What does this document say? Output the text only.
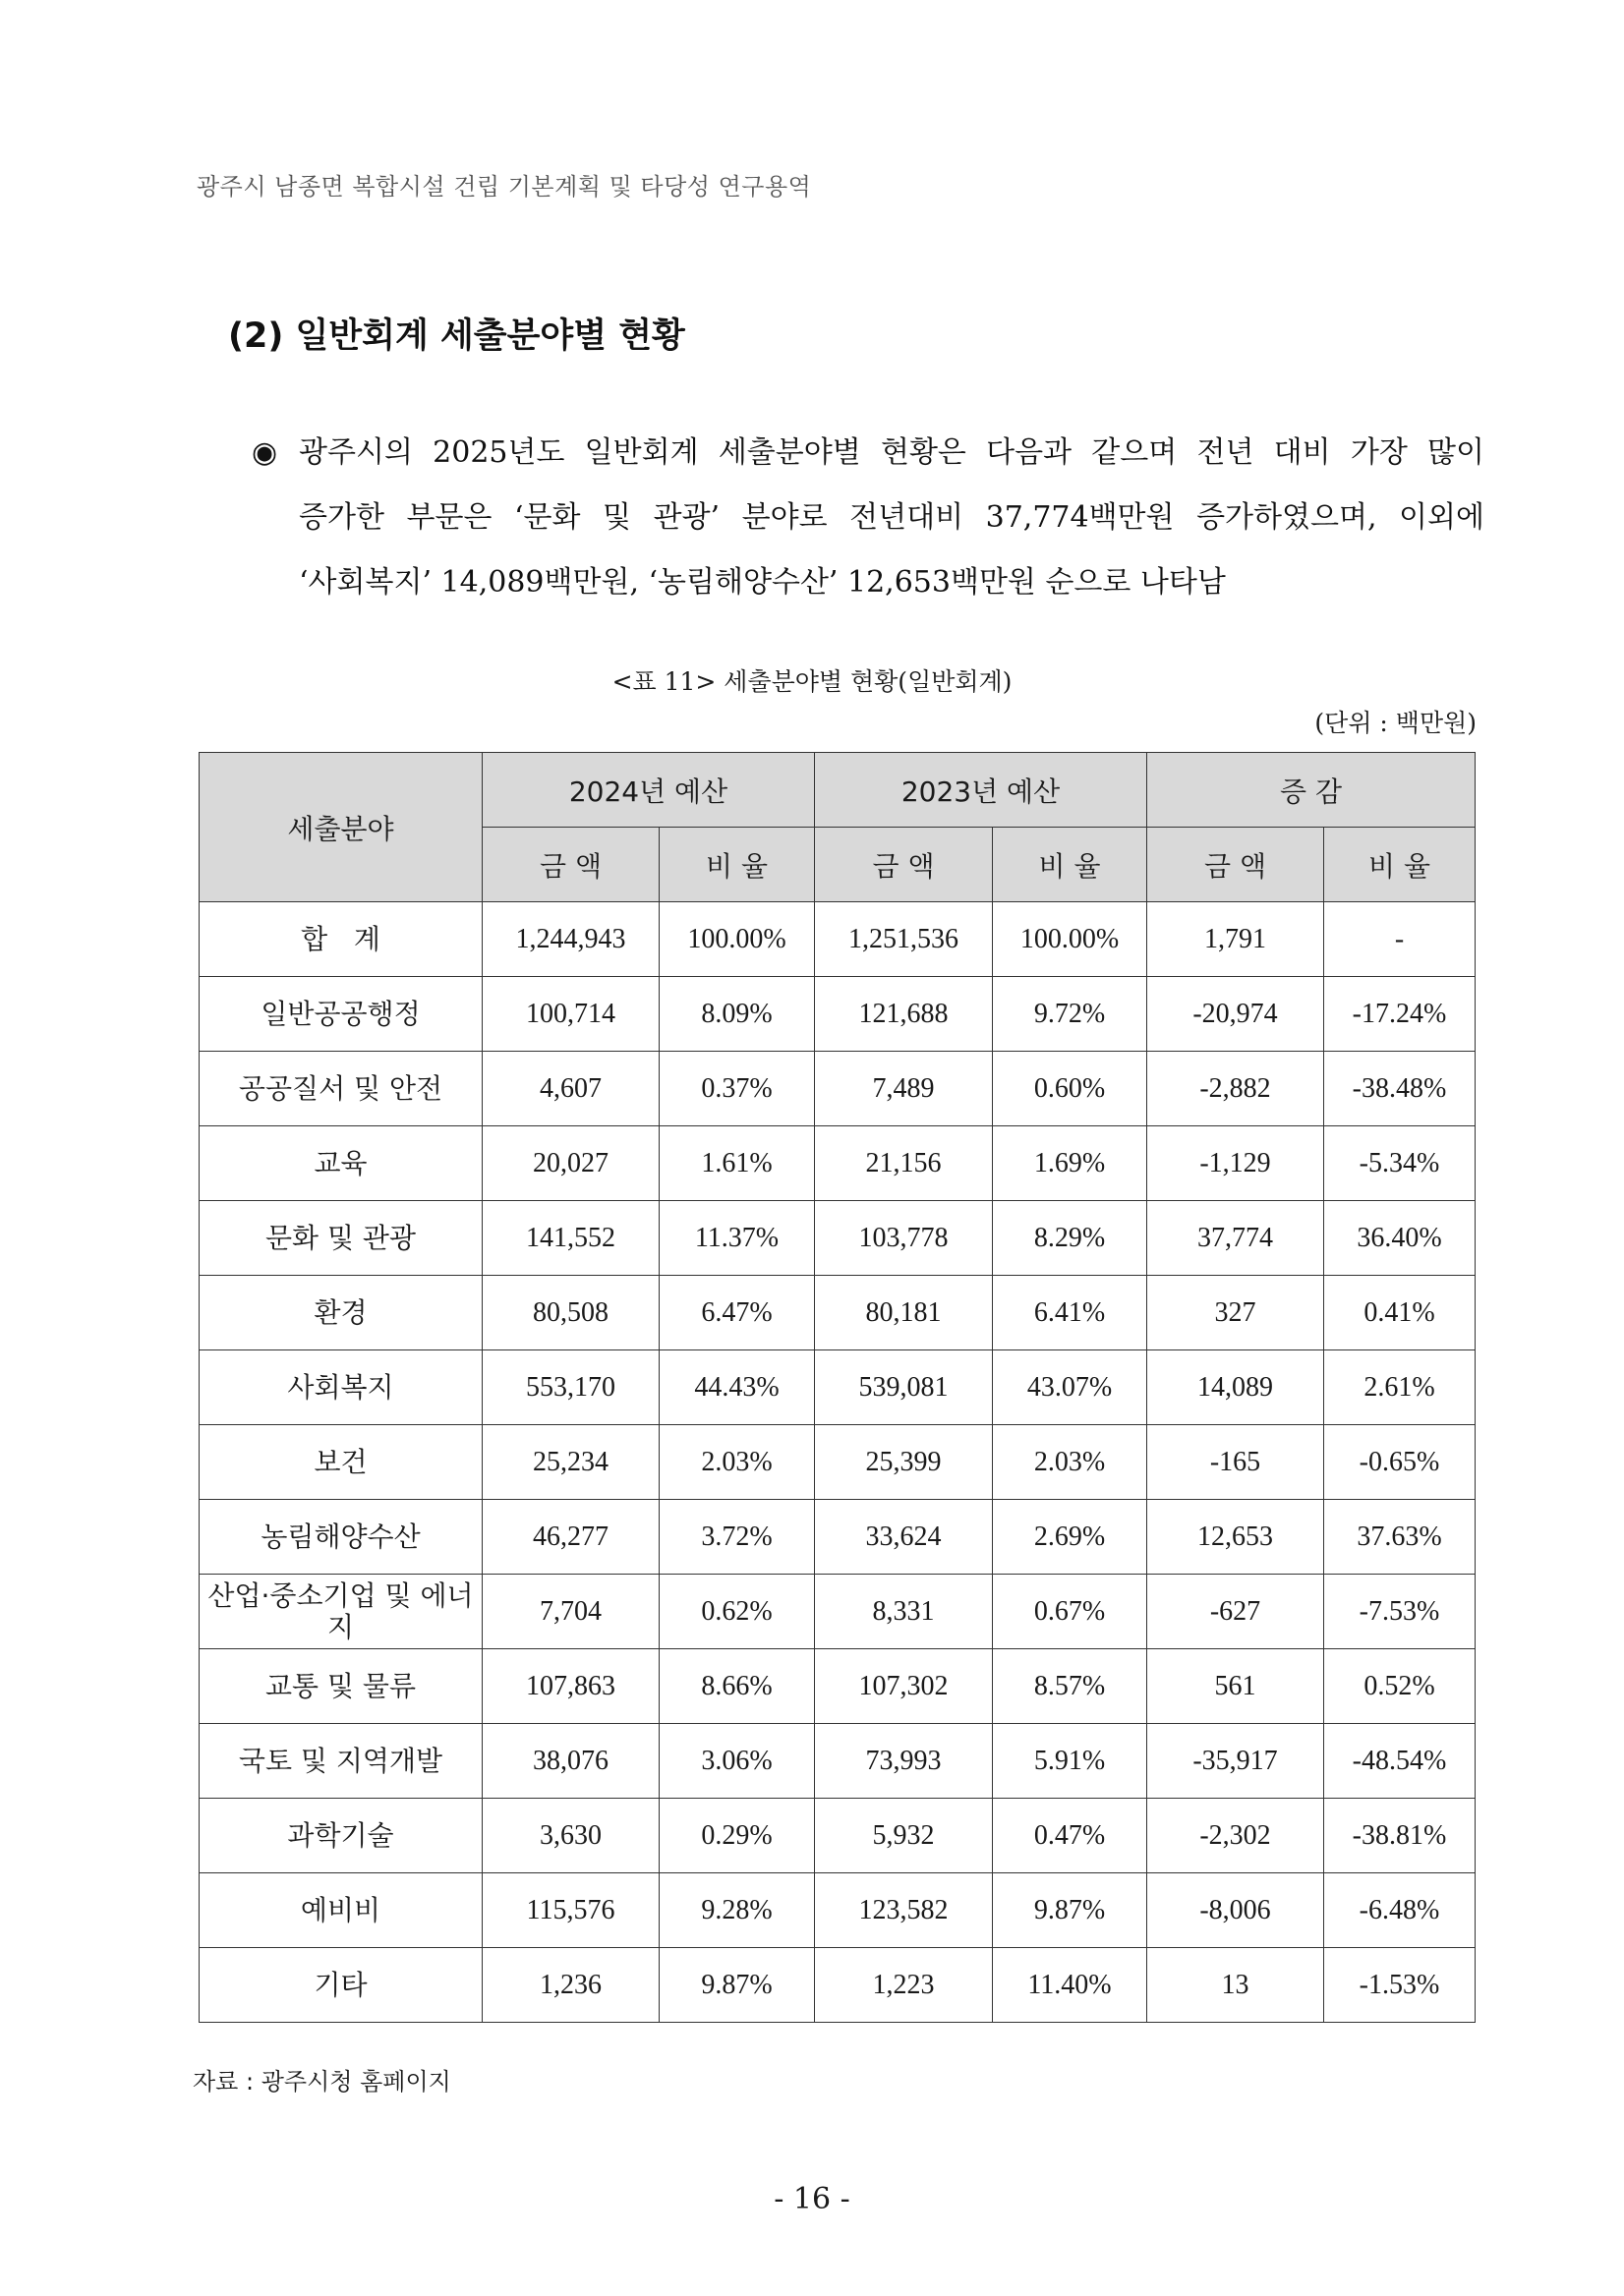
광주시 남종면 복합시설 건립 기본계획 및 타당성 연구용역
(2) 일반회계 세출분야별 현황
◉ 광주시의 2025년도 일반회계 세출분야별 현황은 다음과 같으며 전년 대비 가장 많이
증가한 부문은 ‘문화 및 관광’ 분야로 전년대비 37,774백만원 증가하였으며, 이외에
‘사회복지’ 14,089백만원, ‘농림해양수산’ 12,653백만원 순으로 나타남
<표 11> 세출분야별 현황(일반회계)
(단위 : 백만원)
세출분야	2024년 예산		2023년 예산		증 감	
	금 액	비 율	금 액	비 율	금 액	비 율
합   계	1,244,943	100.00%	1,251,536	100.00%	1,791	-
일반공공행정	100,714	8.09%	121,688	9.72%	-20,974	-17.24%
공공질서 및 안전	4,607	0.37%	7,489	0.60%	-2,882	-38.48%
교육	20,027	1.61%	21,156	1.69%	-1,129	-5.34%
문화 및 관광	141,552	11.37%	103,778	8.29%	37,774	36.40%
환경	80,508	6.47%	80,181	6.41%	327	0.41%
사회복지	553,170	44.43%	539,081	43.07%	14,089	2.61%
보건	25,234	2.03%	25,399	2.03%	-165	-0.65%
농림해양수산	46,277	3.72%	33,624	2.69%	12,653	37.63%
산업·중소기업 및 에너지	7,704	0.62%	8,331	0.67%	-627	-7.53%
교통 및 물류	107,863	8.66%	107,302	8.57%	561	0.52%
국토 및 지역개발	38,076	3.06%	73,993	5.91%	-35,917	-48.54%
과학기술	3,630	0.29%	5,932	0.47%	-2,302	-38.81%
예비비	115,576	9.28%	123,582	9.87%	-8,006	-6.48%
기타	1,236	9.87%	1,223	11.40%	13	-1.53%
자료 : 광주시청 홈페이지
- 16 -
